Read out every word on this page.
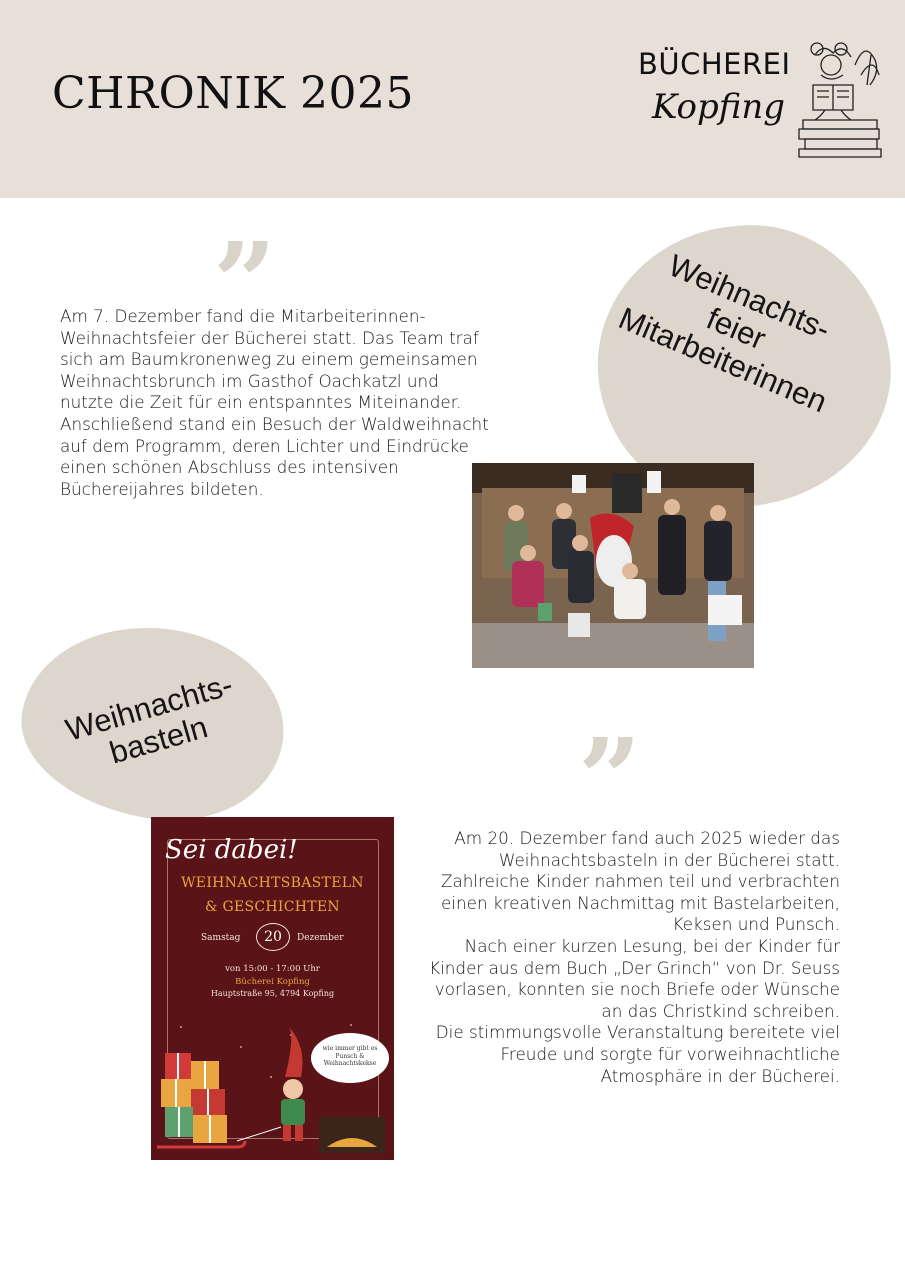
CHRONIK 2025
BÜCHEREI
Kopfing
”
”
Weihnachts-
feier
Mitarbeiterinnen
Weihnachts-
basteln
Am 7. Dezember fand die Mitarbeiterinnen-Weihnachtsfeier der Bücherei statt. Das Team traf sich am Baumkronenweg zu einem gemeinsamen Weihnachtsbrunch im Gasthof Oachkatzl und nutzte die Zeit für ein entspanntes Miteinander. Anschließend stand ein Besuch der Waldweihnacht auf dem Programm, deren Lichter und Eindrücke einen schönen Abschluss des intensiven Büchereijahres bildeten.
Am 20. Dezember fand auch 2025 wieder das
Weihnachtsbasteln in der Bücherei statt.
Zahlreiche Kinder nahmen teil und verbrachten
einen kreativen Nachmittag mit Bastelarbeiten,
Keksen und Punsch.
Nach einer kurzen Lesung, bei der Kinder für
Kinder aus dem Buch „Der Grinch“ von Dr. Seuss
vorlasen, konnten sie noch Briefe oder Wünsche
an das Christkind schreiben.
Die stimmungsvolle Veranstaltung bereitete viel
Freude und sorgte für vorweihnachtliche
Atmosphäre in der Bücherei.
Sei dabei!
WEIHNACHTSBASTELN
& GESCHICHTEN
Samstag	20	Dezember
von 15:00 - 17:00 Uhr
Bücherei Kopfing
Hauptstraße 95, 4794 Kopfing
wie immer gibt es
Punsch &
Weihnachtskekse
